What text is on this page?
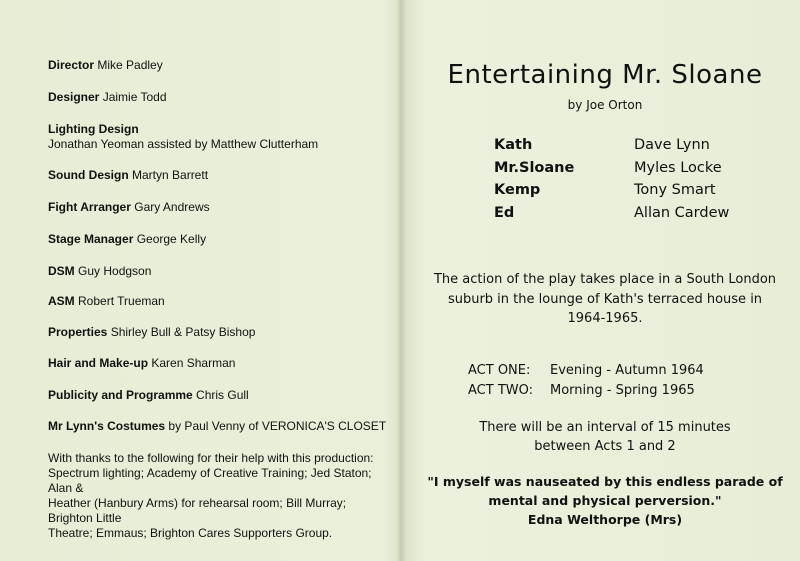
Director Mike Padley
Designer Jaimie Todd
Lighting Design
Jonathan Yeoman assisted by Matthew Clutterham
Sound Design Martyn Barrett
Fight Arranger Gary Andrews
Stage Manager George Kelly
DSM Guy Hodgson
ASM Robert Trueman
Properties Shirley Bull & Patsy Bishop
Hair and Make-up Karen Sharman
Publicity and Programme Chris Gull
Mr Lynn's Costumes by Paul Venny of VERONICA'S CLOSET

With thanks to the following for their help with this production:

Spectrum lighting; Academy of Creative Training; Jed Staton; Alan &

Heather (Hanbury Arms) for rehearsal room; Bill Murray; Brighton Little

Theatre; Emmaus; Brighton Cares Supporters Group.

Entertaining Mr. Sloane
by Joe Orton
Kath	Dave Lynn
Mr.Sloane	Myles Locke
Kemp	Tony Smart
Ed	Allan Cardew
The action of the play takes place in a South London
suburb in the lounge of Kath's terraced house in
1964-1965.
ACT ONE: Evening - Autumn 1964
ACT TWO: Morning - Spring 1965
There will be an interval of 15 minutes
between Acts 1 and 2
"I myself was nauseated by this endless parade of
mental and physical perversion."
Edna Welthorpe (Mrs)
